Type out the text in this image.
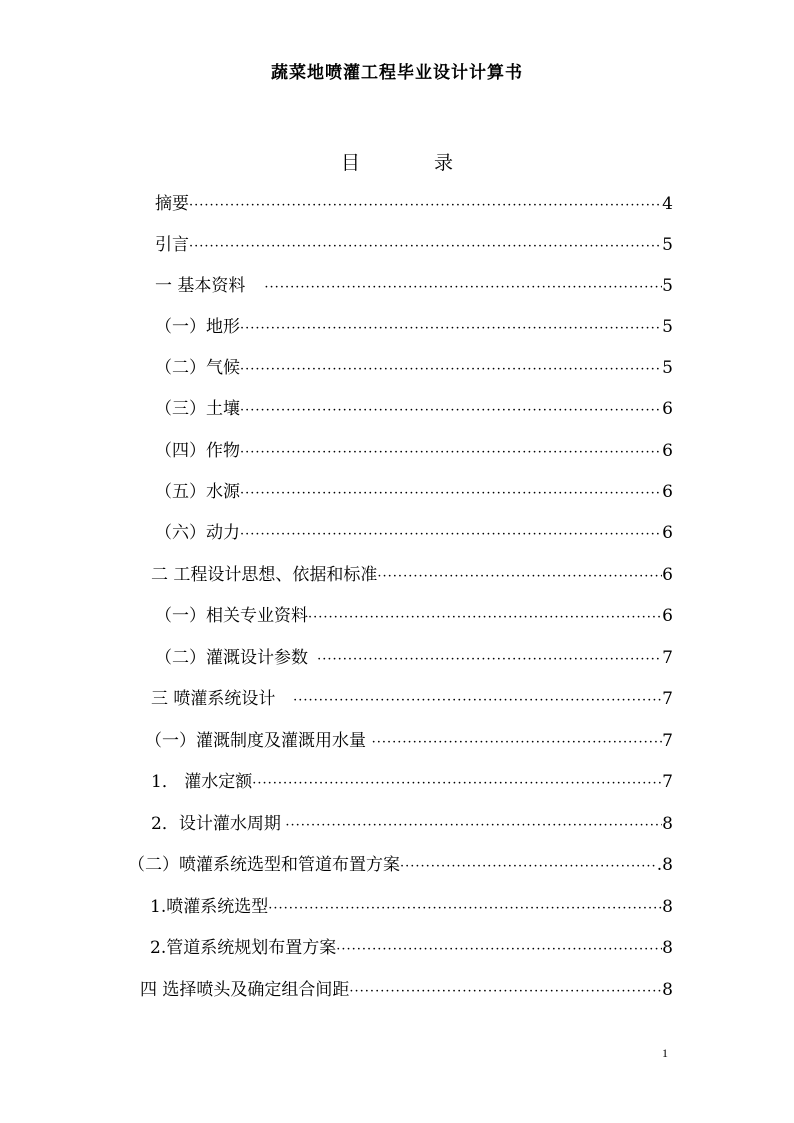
蔬菜地喷灌工程毕业设计计算书
目 录
摘要 ·····	4
引言 ·····	5
一 基本资料 ·····	5
（一）地形 ·····	5
（二）气候 ·····	5
（三）土壤 ·····	6
（四）作物 ·····	6
（五）水源 ·····	6
（六）动力 ·····	6
二 工程设计思想、依据和标准 ·····	6
（一）相关专业资料 ·····	6
（二）灌溉设计参数 ·····	7
三 喷灌系统设计 ·····	7
（一）灌溉制度及灌溉用水量 ·····	7
1． 灌水定额 ·····	7
2．设计灌水周期 ·····	8
（二）喷灌系统选型和管道布置方案 ·····	.8
1.喷灌系统选型 ·····	8
2.管道系统规划布置方案 ·····	8
四 选择喷头及确定组合间距 ·····	8
1
